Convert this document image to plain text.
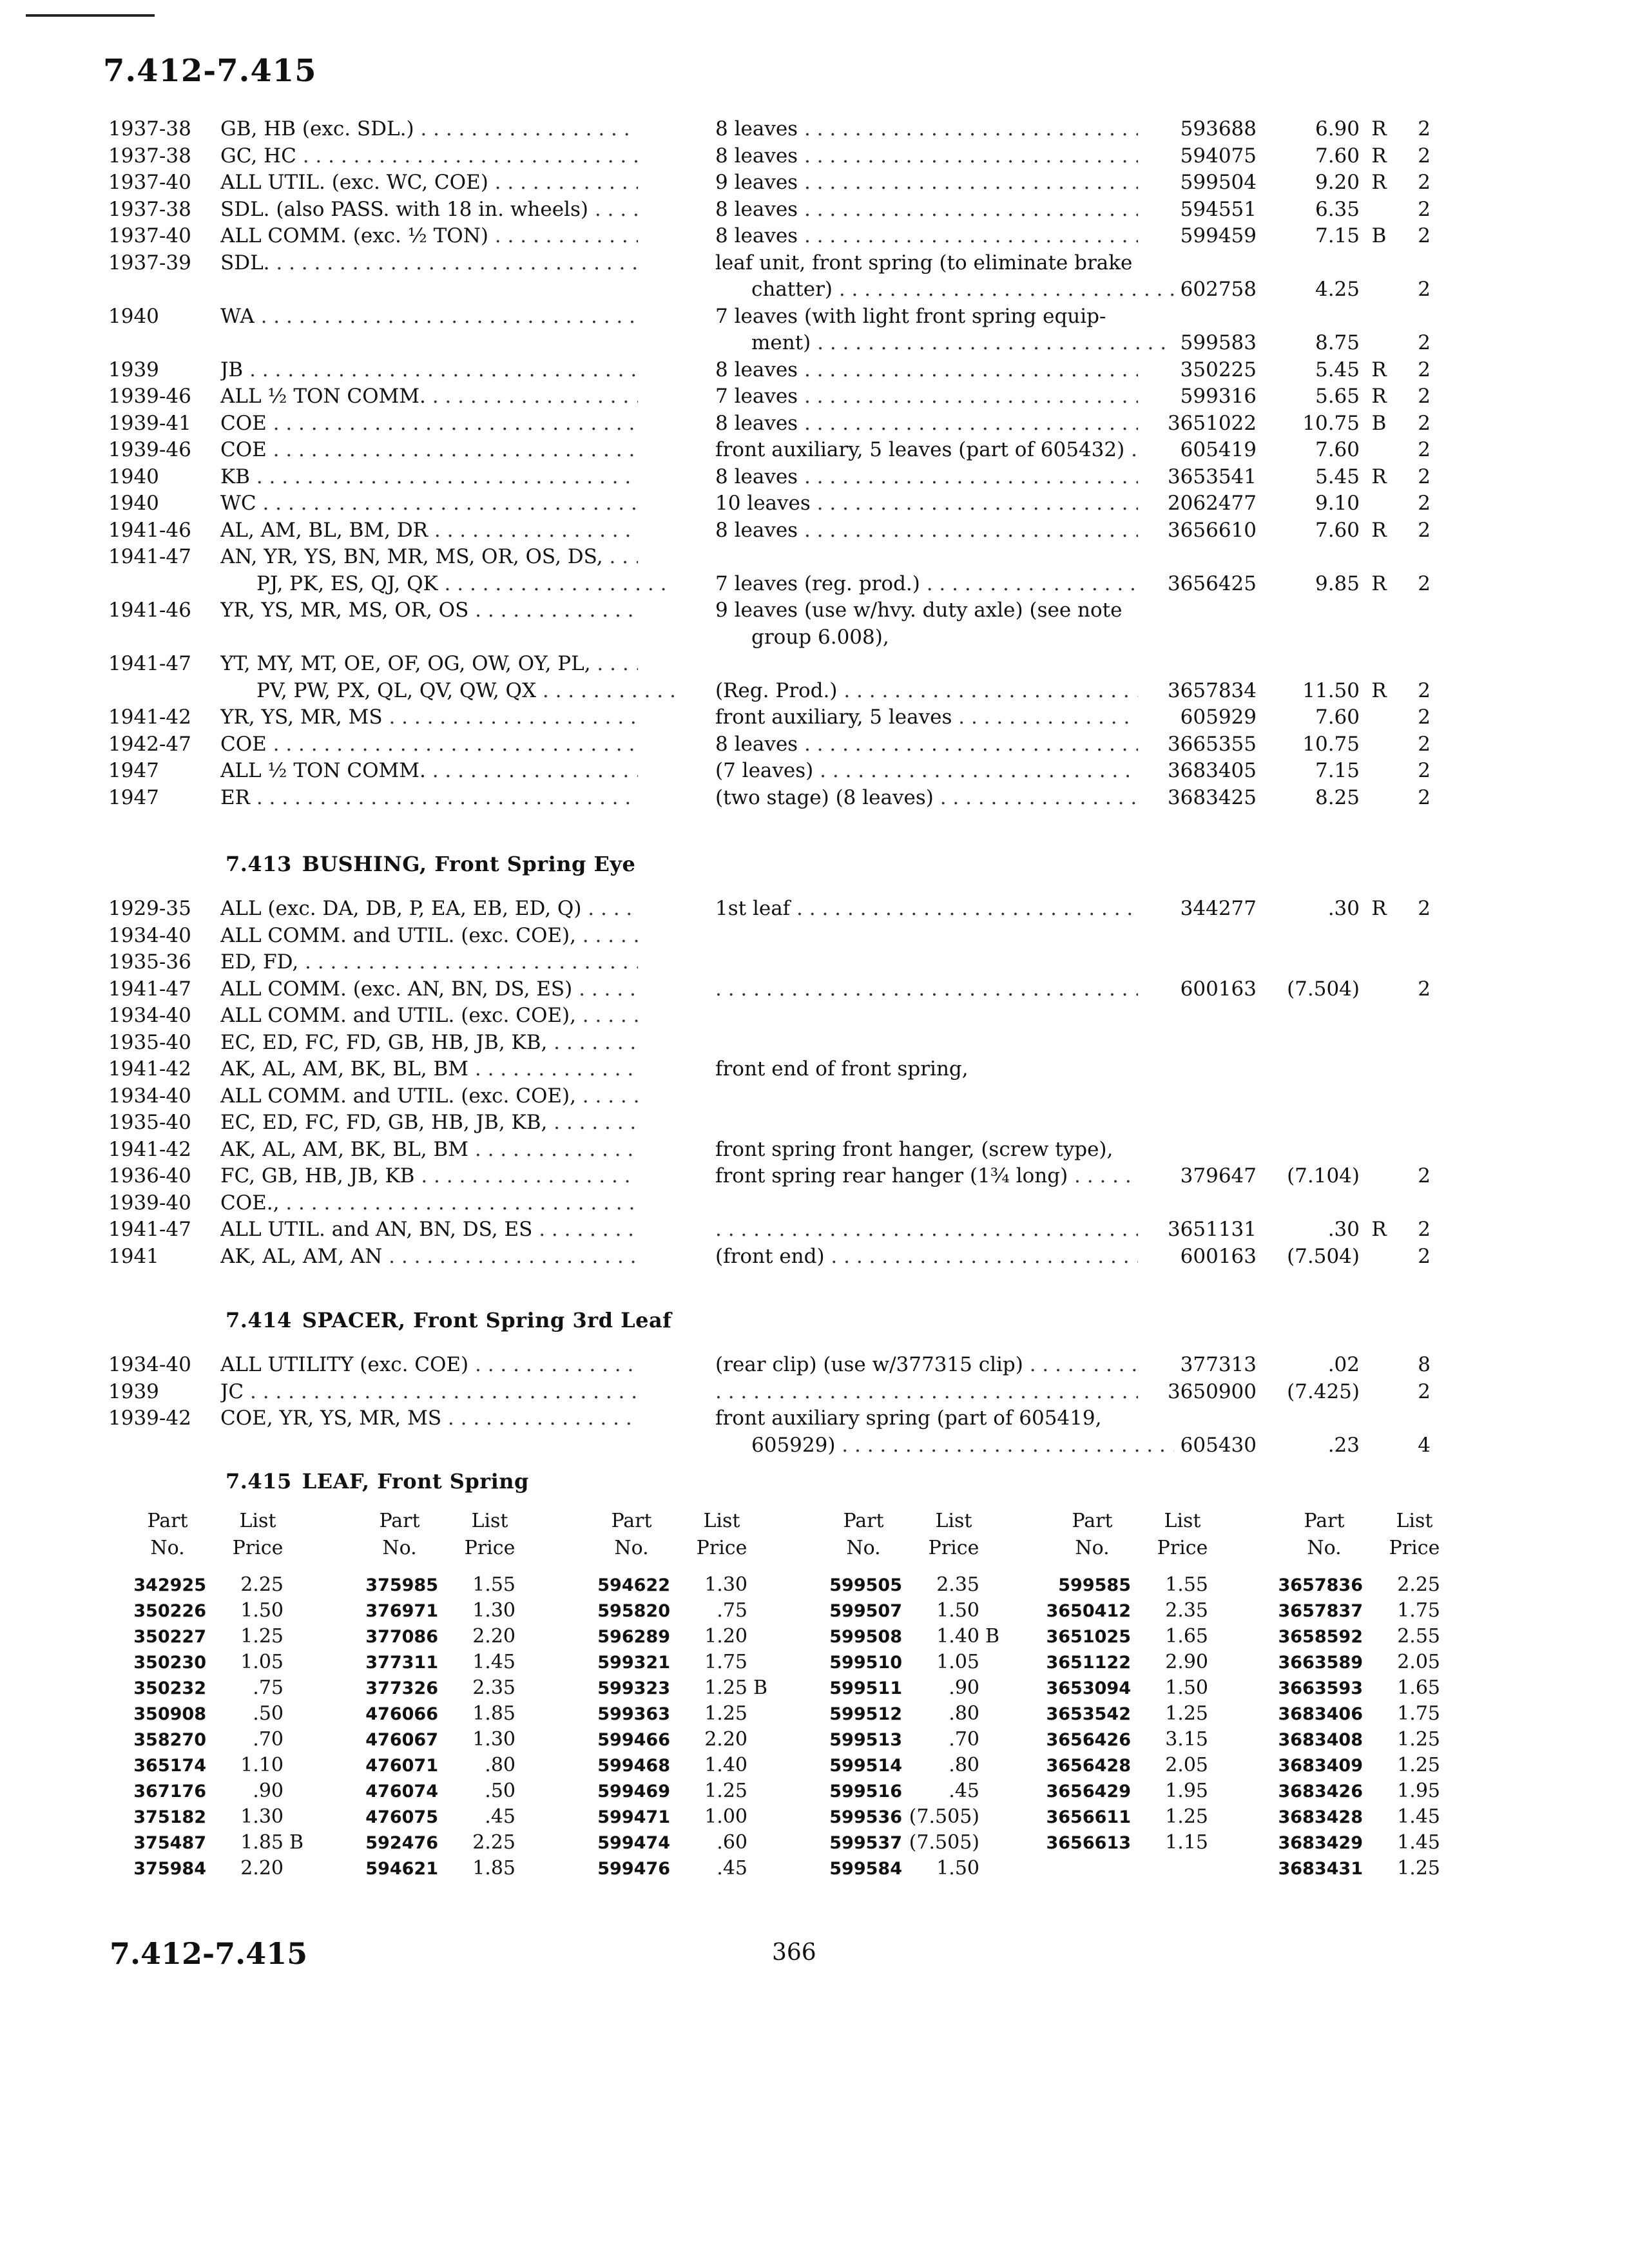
7.412-7.415
1937-38	GB, HB (exc. SDL.) . . .	8 leaves . . .	593688	6.90 R	2
1937-38	GC, HC . . .	8 leaves . . .	594075	7.60 R	2
1937-40	ALL UTIL. (exc. WC, COE) . . .	9 leaves . . .	599504	9.20 R	2
1937-38	SDL. (also PASS. with 18 in. wheels) . . .	8 leaves . . .	594551	6.35	2
1937-40	ALL COMM. (exc. ½ TON) . . .	8 leaves . . .	599459	7.15 B	2
1937-39	SDL. . . .	leaf unit, front spring (to eliminate brake
chatter) . . .	602758	4.25	2
1940	WA . . .	7 leaves (with light front spring equip-
ment) . . .	599583	8.75	2
1939	JB . . .	8 leaves . . .	350225	5.45 R	2
1939-46	ALL ½ TON COMM. . . .	7 leaves . . .	599316	5.65 R	2
1939-41	COE . . .	8 leaves . . .	3651022	10.75 B	2
1939-46	COE . . .	front auxiliary, 5 leaves (part of 605432) . . .	605419	7.60	2
1940	KB . . .	8 leaves . . .	3653541	5.45 R	2
1940	WC . . .	10 leaves . . .	2062477	9.10	2
1941-46	AL, AM, BL, BM, DR . . .	8 leaves . . .	3656610	7.60 R	2
1941-47	AN, YR, YS, BN, MR, MS, OR, OS, DS, . . .
PJ, PK, ES, QJ, QK . . .	7 leaves (reg. prod.) . . .	3656425	9.85 R	2
1941-46	YR, YS, MR, MS, OR, OS . . .	9 leaves (use w/hvy. duty axle) (see note
group 6.008),
1941-47	YT, MY, MT, OE, OF, OG, OW, OY, PL, . . .
PV, PW, PX, QL, QV, QW, QX . . .	(Reg. Prod.) . . .	3657834	11.50 R	2
1941-42	YR, YS, MR, MS . . .	front auxiliary, 5 leaves . . .	605929	7.60	2
1942-47	COE . . .	8 leaves . . .	3665355	10.75	2
1947	ALL ½ TON COMM. . . .	(7 leaves) . . .	3683405	7.15	2
1947	ER . . .	(two stage) (8 leaves) . . .	3683425	8.25	2
7.413 BUSHING, Front Spring Eye
1929-35	ALL (exc. DA, DB, P, EA, EB, ED, Q) . . .	1st leaf . . .	344277	.30 R	2
1934-40	ALL COMM. and UTIL. (exc. COE), . . .
1935-36	ED, FD, . . .
1941-47	ALL COMM. (exc. AN, BN, DS, ES) . . . . . .	600163	(7.504)	2
1934-40	ALL COMM. and UTIL. (exc. COE), . . .
1935-40	EC, ED, FC, FD, GB, HB, JB, KB, . . .
1941-42	AK, AL, AM, BK, BL, BM . . .	front end of front spring,
1934-40	ALL COMM. and UTIL. (exc. COE), . . .
1935-40	EC, ED, FC, FD, GB, HB, JB, KB, . . .
1941-42	AK, AL, AM, BK, BL, BM . . .	front spring front hanger, (screw type),
1936-40	FC, GB, HB, JB, KB . . .	front spring rear hanger (1¾ long) . . .	379647	(7.104)	2
1939-40	COE., . . .
1941-47	ALL UTIL. and AN, BN, DS, ES . . . . . .	3651131	.30 R	2
1941	AK, AL, AM, AN . . .	(front end) . . .	600163	(7.504)	2
7.414 SPACER, Front Spring 3rd Leaf
1934-40	ALL UTILITY (exc. COE) . . .	(rear clip) (use w/377315 clip) . . .	377313	.02	8
1939	JC . . . . . .	3650900	(7.425)	2
1939-42	COE, YR, YS, MR, MS . . .	front auxiliary spring (part of 605419,
605929) . . .	605430	.23	4
7.415 LEAF, Front Spring
Part
No.
List
Price
342925 2.25
350226 1.50
350227 1.25
350230 1.05
350232 .75
350908 .50
358270 .70
365174 1.10
367176 .90
375182 1.30
375487 1.85 B
375984 2.20
Part
No.
List
Price
375985 1.55
376971 1.30
377086 2.20
377311 1.45
377326 2.35
476066 1.85
476067 1.30
476071 .80
476074 .50
476075 .45
592476 2.25
594621 1.85
Part
No.
List
Price
594622 1.30
595820 .75
596289 1.20
599321 1.75
599323 1.25 B
599363 1.25
599466 2.20
599468 1.40
599469 1.25
599471 1.00
599474 .60
599476 .45
Part
No.
List
Price
599505 2.35
599507 1.50
599508 1.40 B
599510 1.05
599511 .90
599512 .80
599513 .70
599514 .80
599516 .45
599536 (7.505)
599537 (7.505)
599584 1.50
Part
No.
List
Price
599585 1.55
3650412 2.35
3651025 1.65
3651122 2.90
3653094 1.50
3653542 1.25
3656426 3.15
3656428 2.05
3656429 1.95
3656611 1.25
3656613 1.15
Part
No.
List
Price
3657836 2.25
3657837 1.75
3658592 2.55
3663589 2.05
3663593 1.65
3683406 1.75
3683408 1.25
3683409 1.25
3683426 1.95
3683428 1.45
3683429 1.45
3683431 1.25
7.412-7.415	366
